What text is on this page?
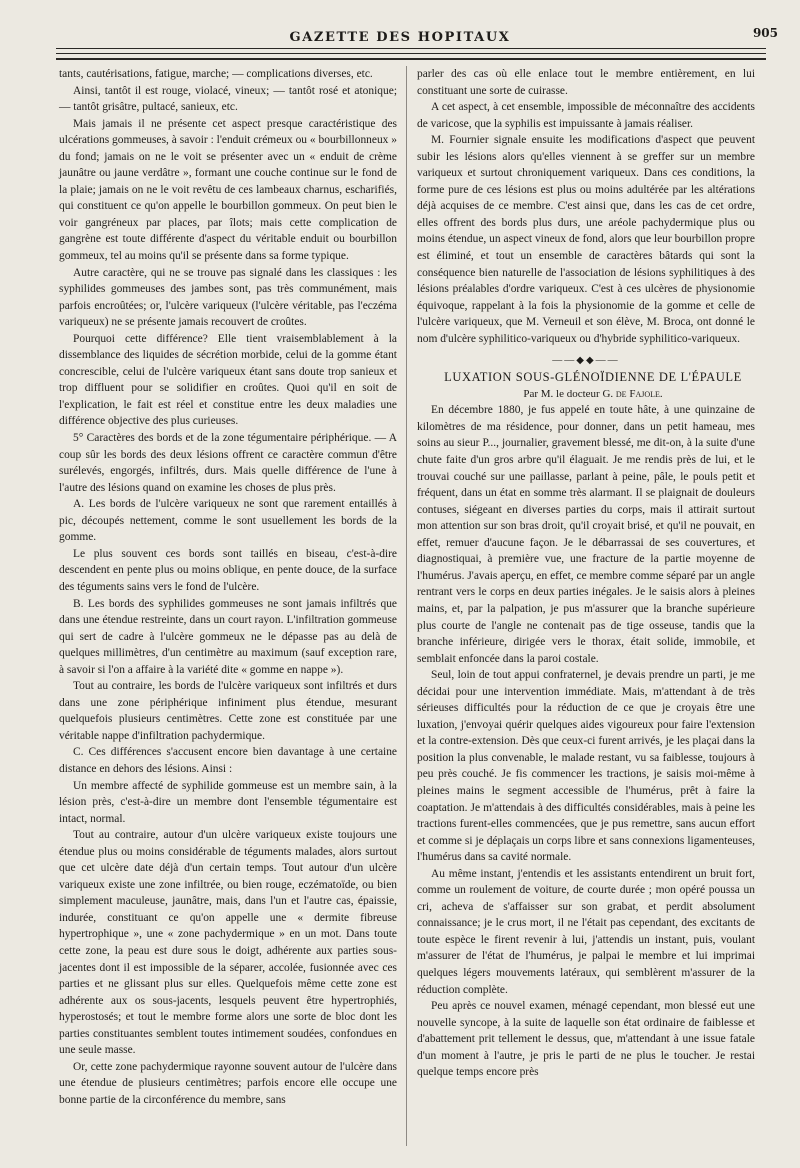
GAZETTE DES HOPITAUX	905

tants, cautérisations, fatigue, marche; — complications diverses, etc.

Ainsi, tantôt il est rouge, violacé, vineux; — tantôt rosé et atonique; — tantôt grisâtre, pultacé, sanieux, etc.

Mais jamais il ne présente cet aspect presque caractéristique des ulcérations gommeuses, à savoir : l'enduit crémeux ou « bourbillonneux » du fond; jamais on ne le voit se présenter avec un « enduit de crème jaunâtre ou jaune verdâtre », formant une couche continue sur le fond de la plaie; jamais on ne le voit revêtu de ces lambeaux charnus, escharifiés, qui constituent ce qu'on appelle le bourbillon gommeux. On peut bien le voir gangréneux par places, par îlots; mais cette complication de gangrène est toute différente d'aspect du véritable enduit ou bourbillon gommeux, tel au moins qu'il se présente dans sa forme typique.

Autre caractère, qui ne se trouve pas signalé dans les classiques : les syphilides gommeuses des jambes sont, pas très communément, mais parfois encroûtées; or, l'ulcère variqueux (l'ulcère véritable, pas l'eczéma variqueux) ne se présente jamais recouvert de croûtes.

Pourquoi cette différence? Elle tient vraisemblablement à la dissemblance des liquides de sécrétion morbide, celui de la gomme étant concrescible, celui de l'ulcère variqueux étant sans doute trop sanieux et trop diffluent pour se solidifier en croûtes. Quoi qu'il en soit de l'explication, le fait est réel et constitue entre les deux maladies une différence objective des plus curieuses.

5° Caractères des bords et de la zone tégumentaire périphérique. — A coup sûr les bords des deux lésions offrent ce caractère commun d'être surélevés, engorgés, infiltrés, durs. Mais quelle différence de l'une à l'autre des lésions quand on examine les choses de plus près.

A. Les bords de l'ulcère variqueux ne sont que rarement entaillés à pic, découpés nettement, comme le sont usuellement les bords de la gomme.

Le plus souvent ces bords sont taillés en biseau, c'est-à-dire descendent en pente plus ou moins oblique, en pente douce, de la surface des téguments sains vers le fond de l'ulcère.

B. Les bords des syphilides gommeuses ne sont jamais infiltrés que dans une étendue restreinte, dans un court rayon. L'infiltration gommeuse qui sert de cadre à l'ulcère gommeux ne le dépasse pas au delà de quelques millimètres, d'un centimètre au maximum (sauf exception rare, à savoir si l'on a affaire à la variété dite « gomme en nappe »).

Tout au contraire, les bords de l'ulcère variqueux sont infiltrés et durs dans une zone périphérique infiniment plus étendue, mesurant quelquefois plusieurs centimètres. Cette zone est constituée par une véritable nappe d'infiltration pachydermique.

C. Ces différences s'accusent encore bien davantage à une certaine distance en dehors des lésions. Ainsi :

Un membre affecté de syphilide gommeuse est un membre sain, à la lésion près, c'est-à-dire un membre dont l'ensemble tégumentaire est intact, normal.

Tout au contraire, autour d'un ulcère variqueux existe toujours une étendue plus ou moins considérable de téguments malades, alors surtout que cet ulcère date déjà d'un certain temps. Tout autour d'un ulcère variqueux existe une zone infiltrée, ou bien rouge, eczématoïde, ou bien simplement maculeuse, jaunâtre, mais, dans l'un et l'autre cas, épaissie, indurée, constituant ce qu'on appelle une « dermite fibreuse hypertrophique », une « zone pachydermique » en un mot. Dans toute cette zone, la peau est dure sous le doigt, adhérente aux parties sous-jacentes dont il est impossible de la séparer, accolée, fusionnée avec ces parties et ne glissant plus sur elles. Quelquefois même cette zone est adhérente aux os sous-jacents, lesquels peuvent être hypertrophiés, hyperostosés; et tout le membre forme alors une sorte de bloc dont les parties constituantes semblent toutes intimement soudées, confondues en une seule masse.

Or, cette zone pachydermique rayonne souvent autour de l'ulcère dans une étendue de plusieurs centimètres; parfois encore elle occupe une bonne partie de la circonférence du membre, sans

parler des cas où elle enlace tout le membre entièrement, en lui constituant une sorte de cuirasse.

A cet aspect, à cet ensemble, impossible de méconnaître des accidents de varicose, que la syphilis est impuissante à jamais réaliser.

M. Fournier signale ensuite les modifications d'aspect que peuvent subir les lésions alors qu'elles viennent à se greffer sur un membre variqueux et surtout chroniquement variqueux. Dans ces conditions, la forme pure de ces lésions est plus ou moins adultérée par les altérations déjà acquises de ce membre. C'est ainsi que, dans les cas de cet ordre, elles offrent des bords plus durs, une aréole pachydermique plus ou moins étendue, un aspect vineux de fond, alors que leur bourbillon propre est éliminé, et tout un ensemble de caractères bâtards qui sont la conséquence bien naturelle de l'association de lésions syphilitiques à des lésions préalables d'ordre variqueux. C'est à ces ulcères de physionomie équivoque, rappelant à la fois la physionomie de la gomme et celle de l'ulcère variqueux, que M. Verneuil et son élève, M. Broca, ont donné le nom d'ulcère syphilitico-variqueux ou d'hybride syphilitico-variqueux.

——◆◆——

LUXATION SOUS-GLÉNOÏDIENNE DE L'ÉPAULE

Par M. le docteur G. de Fajole.

En décembre 1880, je fus appelé en toute hâte, à une quinzaine de kilomètres de ma résidence, pour donner, dans un petit hameau, mes soins au sieur P..., journalier, gravement blessé, me dit-on, à la suite d'une chute faite d'un gros arbre qu'il élaguait. Je me rendis près de lui, et le trouvai couché sur une paillasse, parlant à peine, pâle, le pouls petit et fréquent, dans un état en somme très alarmant. Il se plaignait de douleurs contuses, siégeant en diverses parties du corps, mais il attirait surtout mon attention sur son bras droit, qu'il croyait brisé, et qu'il ne pouvait, en effet, remuer d'aucune façon. Je le débarrassai de ses couvertures, et diagnostiquai, à première vue, une fracture de la partie moyenne de l'humérus. J'avais aperçu, en effet, ce membre comme séparé par un angle rentrant vers le corps en deux parties inégales. Je le saisis alors à pleines mains, et, par la palpation, je pus m'assurer que la branche supérieure plus courte de l'angle ne contenait pas de tige osseuse, tandis que la branche inférieure, dirigée vers le thorax, était solide, immobile, et semblait enfoncée dans la paroi costale.

Seul, loin de tout appui confraternel, je devais prendre un parti, je me décidai pour une intervention immédiate. Mais, m'attendant à de très sérieuses difficultés pour la réduction de ce que je croyais être une luxation, j'envoyai quérir quelques aides vigoureux pour faire l'extension et la contre-extension. Dès que ceux-ci furent arrivés, je les plaçai dans la position la plus convenable, le malade restant, vu sa faiblesse, toujours à peu près couché. Je fis commencer les tractions, je saisis moi-même à pleines mains le segment accessible de l'humérus, prêt à faire la coaptation. Je m'attendais à des difficultés considérables, mais à peine les tractions furent-elles commencées, que je pus remettre, sans aucun effort et comme si je déplaçais un corps libre et sans connexions ligamenteuses, l'humérus dans sa cavité normale.

Au même instant, j'entendis et les assistants entendirent un bruit fort, comme un roulement de voiture, de courte durée ; mon opéré poussa un cri, acheva de s'affaisser sur son grabat, et perdit absolument connaissance; je le crus mort, il ne l'était pas cependant, des excitants de toute espèce le firent revenir à lui, j'attendis un instant, puis, voulant m'assurer de l'état de l'humérus, je palpai le membre et lui imprimai quelques légers mouvements latéraux, qui semblèrent m'assurer de la réduction complète.

Peu après ce nouvel examen, ménagé cependant, mon blessé eut une nouvelle syncope, à la suite de laquelle son état ordinaire de faiblesse et d'abattement prit tellement le dessus, que, m'attendant à une issue fatale d'un moment à l'autre, je pris le parti de ne plus le toucher. Je restai quelque temps encore près
